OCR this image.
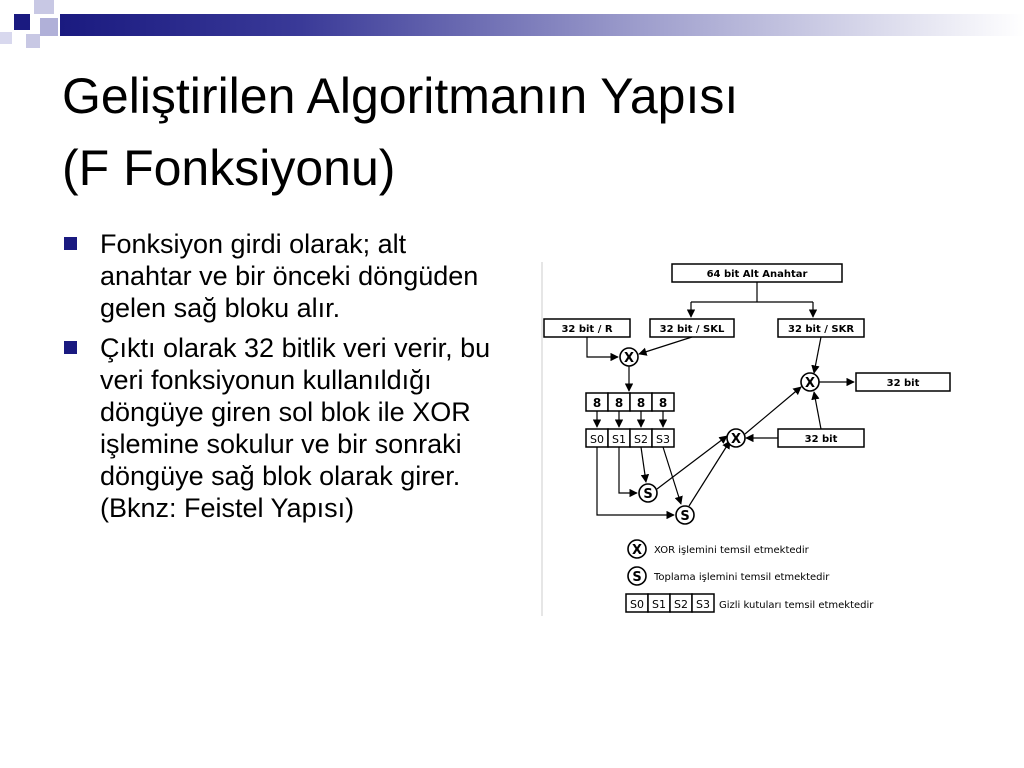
Geliştirilen Algoritmanın Yapısı
(F Fonksiyonu)
Fonksiyon girdi olarak; alt anahtar ve bir önceki döngüden gelen sağ bloku alır.
Çıktı olarak 32 bitlik veri verir, bu veri fonksiyonun kullanıldığı döngüye giren sol blok ile XOR işlemine sokulur ve bir sonraki döngüye sağ blok olarak girer. (Bknz: Feistel Yapısı)
64 bit Alt Anahtar
32 bit / R	32 bit / SKL	32 bit / SKR
X
8 8 8 8
S0 S1 S2 S3
S
S
X	32 bit
X	32 bit
X XOR işlemini temsil etmektedir
S Toplama işlemini temsil etmektedir
S0 S1 S2 S3 Gizli kutuları temsil etmektedir
